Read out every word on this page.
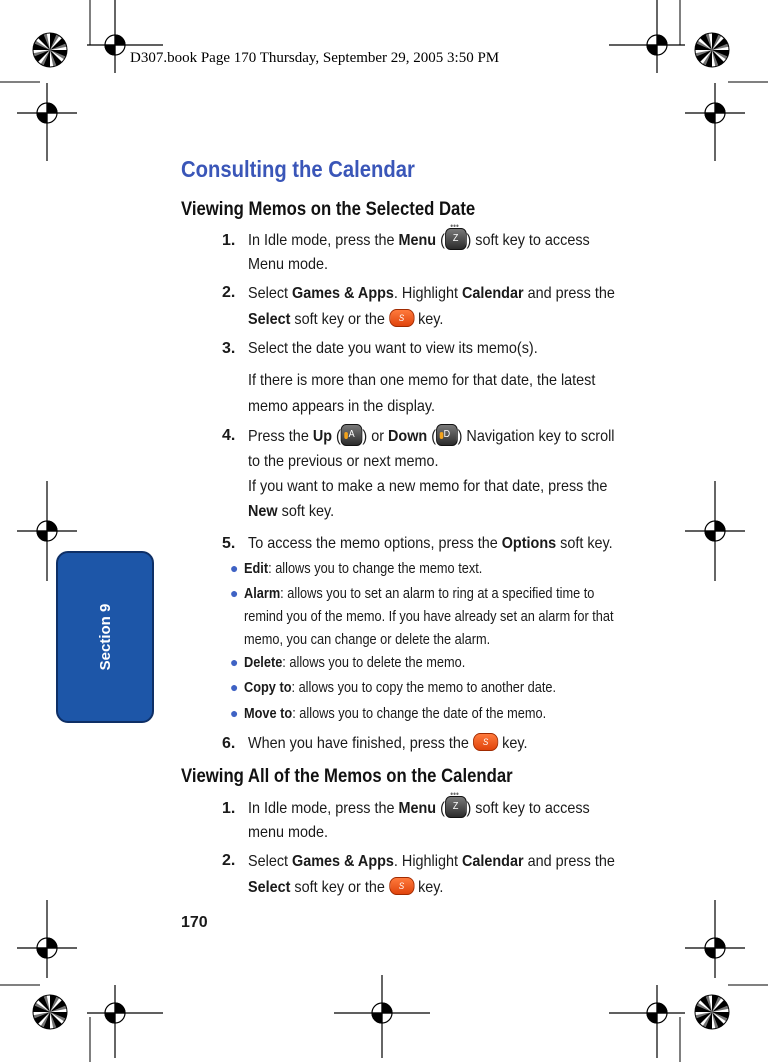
D307.book Page 170 Thursday, September 29, 2005 3:50 PM
Section 9
Consulting the Calendar
Viewing Memos on the Selected Date
1. In Idle mode, press the Menu (
•••
Z ) soft key to access Menu mode.
2. Select Games & Apps. Highlight Calendar and press the Select soft key or the S key.
3. Select the date you want to view its memo(s).
If there is more than one memo for that date, the latest memo appears in the display.
4. Press the Up ( A ) or Down ( D ) Navigation key to scroll to the previous or next memo.
If you want to make a new memo for that date, press the New soft key.
5. To access the memo options, press the Options soft key.
● Edit: allows you to change the memo text.
● Alarm: allows you to set an alarm to ring at a specified time to remind you of the memo. If you have already set an alarm for that memo, you can change or delete the alarm.
● Delete: allows you to delete the memo.
● Copy to: allows you to copy the memo to another date.
● Move to: allows you to change the date of the memo.
6. When you have finished, press the S key.
Viewing All of the Memos on the Calendar
1. In Idle mode, press the Menu (
•••
Z ) soft key to access menu mode.
2. Select Games & Apps. Highlight Calendar and press the Select soft key or the S key.
170
